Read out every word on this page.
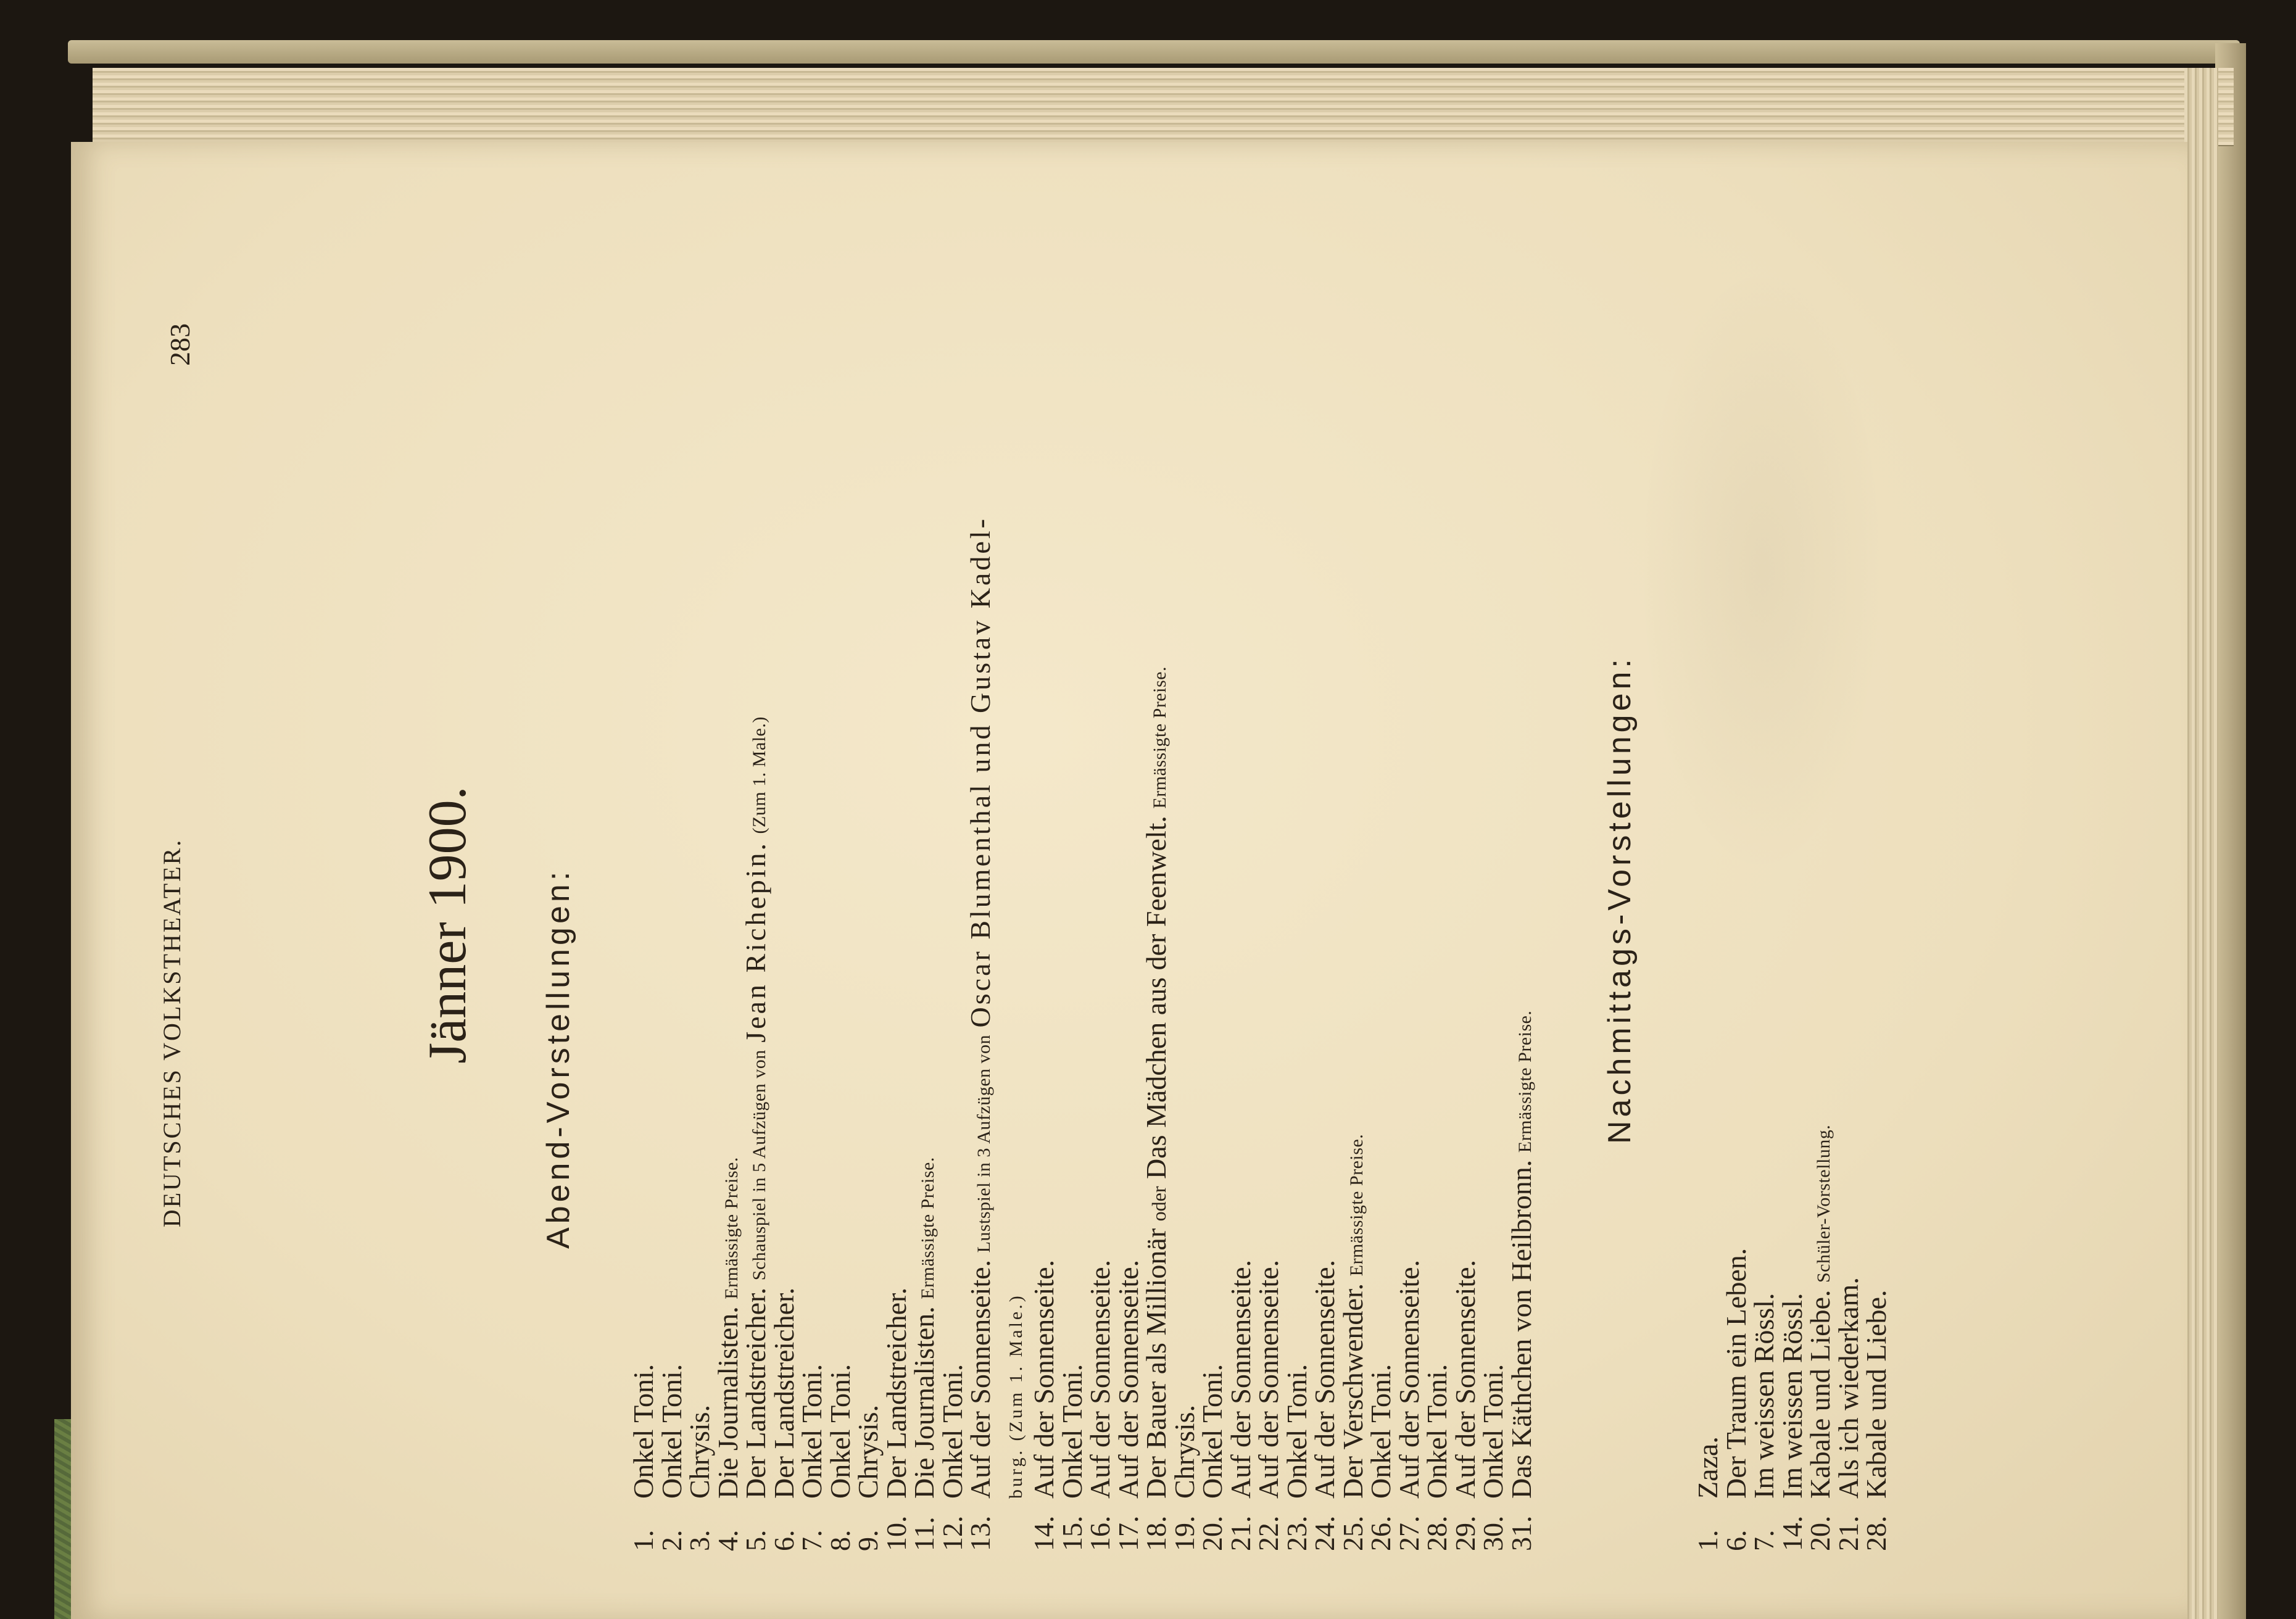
DEUTSCHES VOLKSTHEATER.
283
Jänner 1900. Abend-Vorstellungen:
1.
Onkel Toni.
2.
Onkel Toni.
3.
Chrysis.
4.
Die Journalisten. Ermässigte Preise.
5.
Der Landstreicher. Schauspiel in 5 Aufzügen von Jean Richepin. (Zum 1. Male.)
6.
Der Landstreicher.
7.
Onkel Toni.
8.
Onkel Toni.
9.
Chrysis.
10.
Der Landstreicher.
11.
Die Journalisten. Ermässigte Preise.
12.
Onkel Toni.
13.
Auf der Sonnenseite. Lustspiel in 3 Aufzügen von Oscar Blumenthal und Gustav Kadel-
burg. (Zum 1. Male.)
14.
Auf der Sonnenseite.
15.
Onkel Toni.
16.
Auf der Sonnenseite.
17.
Auf der Sonnenseite.
18.
Der Bauer als Millionär oder Das Mädchen aus der Feenwelt. Ermässigte Preise.
19.
Chrysis.
20.
Onkel Toni.
21.
Auf der Sonnenseite.
22.
Auf der Sonnenseite.
23.
Onkel Toni.
24.
Auf der Sonnenseite.
25.
Der Verschwender. Ermässigte Preise.
26.
Onkel Toni.
27.
Auf der Sonnenseite.
28.
Onkel Toni.
29.
Auf der Sonnenseite.
30.
Onkel Toni.
31.
Das Käthchen von Heilbronn. Ermässigte Preise. Nachmittags-Vorstellungen:
1.
Zaza.
6.
Der Traum ein Leben.
7.
Im weissen Rössl.
14.
Im weissen Rössl.
20.
Kabale und Liebe. Schüler-Vorstellung.
21.
Als ich wiederkam.
28.
Kabale und Liebe.
